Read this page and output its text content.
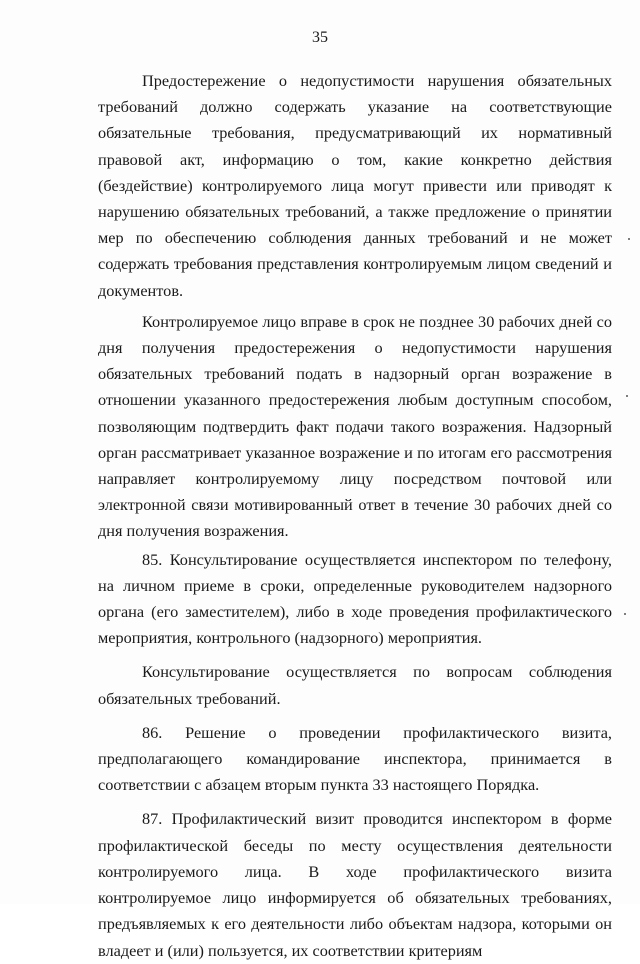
35

Предостережение о недопустимости нарушения обязательных требований должно содержать указание на соответствующие обязательные требования, предусматривающий их нормативный правовой акт, информацию о том, какие конкретно действия (бездействие) контролируемого лица могут привести или приводят к нарушению обязательных требований, а также предложение о принятии мер по обеспечению соблюдения данных требований и не может содержать требования представления контролируемым лицом сведений и документов.

Контролируемое лицо вправе в срок не позднее 30 рабочих дней со дня получения предостережения о недопустимости нарушения обязательных требований подать в надзорный орган возражение в отношении указанного предостережения любым доступным способом, позволяющим подтвердить факт подачи такого возражения. Надзорный орган рассматривает указанное возражение и по итогам его рассмотрения направляет контролируемому лицу посредством почтовой или электронной связи мотивированный ответ в течение 30 рабочих дней со дня получения возражения.

85. Консультирование осуществляется инспектором по телефону, на личном приеме в сроки, определенные руководителем надзорного органа (его заместителем), либо в ходе проведения профилактического мероприятия, контрольного (надзорного) мероприятия.

Консультирование осуществляется по вопросам соблюдения обязательных требований.

86. Решение о проведении профилактического визита, предполагающего командирование инспектора, принимается в соответствии с абзацем вторым пункта 33 настоящего Порядка.

87. Профилактический визит проводится инспектором в форме профилактической беседы по месту осуществления деятельности контролируемого лица. В ходе профилактического визита контролируемое лицо информируется об обязательных требованиях, предъявляемых к его деятельности либо объектам надзора, которыми он владеет и (или) пользуется, их соответствии критериям
